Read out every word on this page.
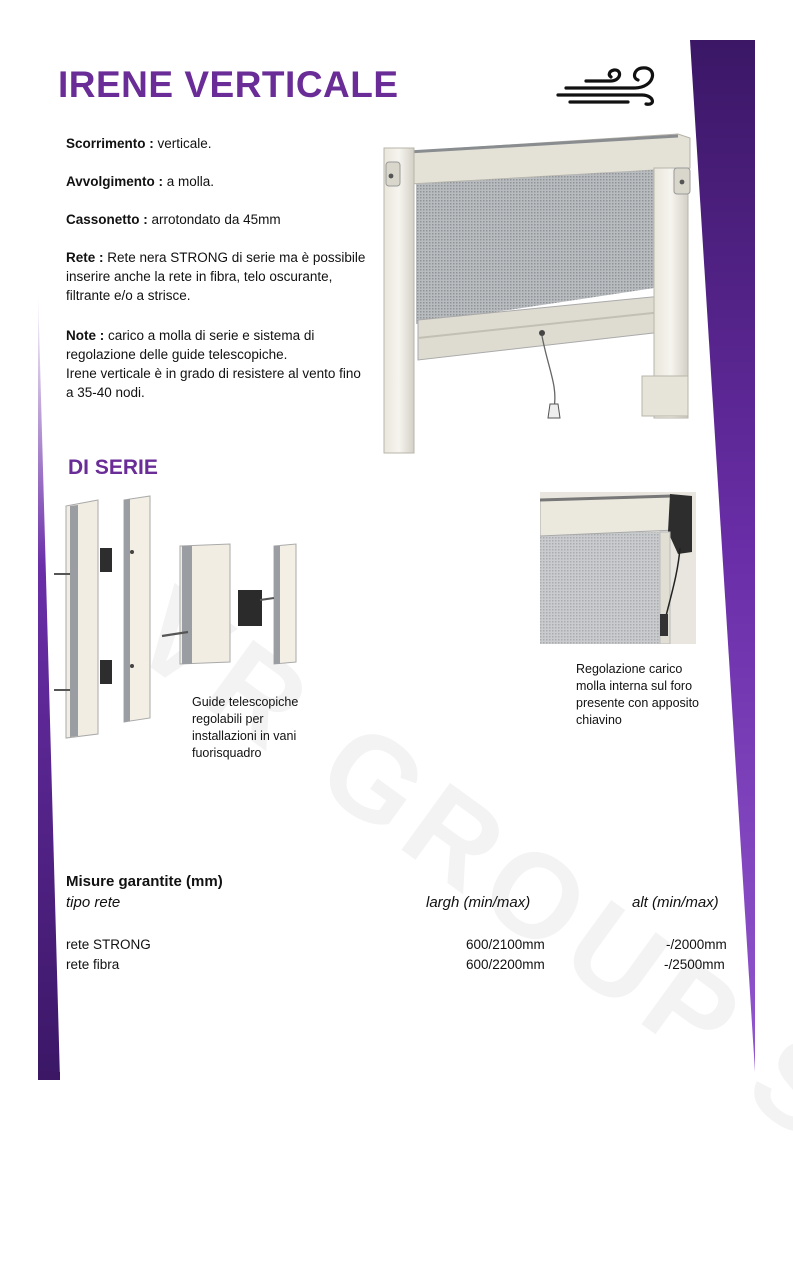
IRENE VERTICALE
Scorrimento : verticale.
Avvolgimento : a molla.
Cassonetto : arrotondato da 45mm
Rete : Rete nera STRONG di serie ma è possibile inserire anche la rete in fibra, telo oscurante, filtrante e/o a strisce.
Note : carico a molla di serie e sistema di regolazione delle guide telescopiche.
Irene verticale è in grado di resistere al vento fino a 35-40 nodi.
DI SERIE
Guide telescopiche regolabili per installazioni in vani fuorisquadro
Regolazione carico molla interna sul foro presente con apposito chiavino
Misure garantite (mm)
tipo rete	largh (min/max)	alt (min/max)
rete STRONG	600/2100mm	-/2000mm
rete fibra	600/2200mm	-/2500mm
